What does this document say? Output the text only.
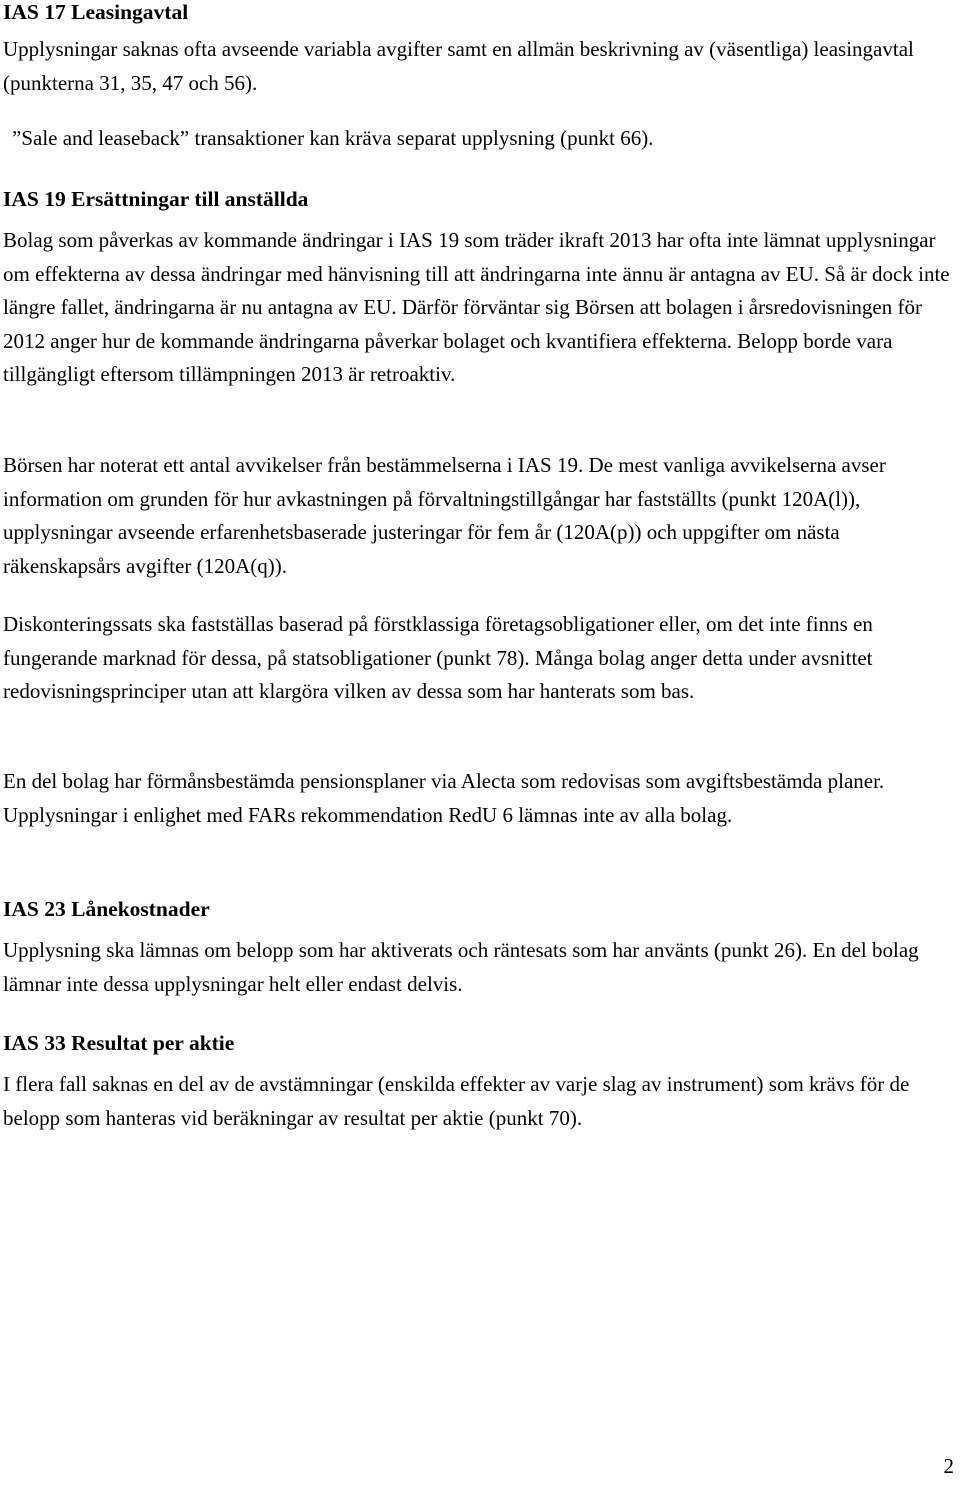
IAS 17 Leasingavtal

Upplysningar saknas ofta avseende variabla avgifter samt en allmän beskrivning av (väsentliga) leasingavtal (punkterna 31, 35, 47 och 56).

”Sale and leaseback” transaktioner kan kräva separat upplysning (punkt 66).

IAS 19 Ersättningar till anställda

Bolag som påverkas av kommande ändringar i IAS 19 som träder ikraft 2013 har ofta inte lämnat upplysningar om effekterna av dessa ändringar med hänvisning till att ändringarna inte ännu är antagna av EU. Så är dock inte längre fallet, ändringarna är nu antagna av EU. Därför förväntar sig Börsen att bolagen i årsredovisningen för 2012 anger hur de kommande ändringarna påverkar bolaget och kvantifiera effekterna. Belopp borde vara tillgängligt eftersom tillämpningen 2013 är retroaktiv.

Börsen har noterat ett antal avvikelser från bestämmelserna i IAS 19. De mest vanliga avvikelserna avser information om grunden för hur avkastningen på förvaltningstillgångar har fastställts (punkt 120A(l)), upplysningar avseende erfarenhetsbaserade justeringar för fem år (120A(p)) och uppgifter om nästa räkenskapsårs avgifter (120A(q)).

Diskonteringssats ska fastställas baserad på förstklassiga företagsobligationer eller, om det inte finns en fungerande marknad för dessa, på statsobligationer (punkt 78). Många bolag anger detta under avsnittet redovisningsprinciper utan att klargöra vilken av dessa som har hanterats som bas.

En del bolag har förmånsbestämda pensionsplaner via Alecta som redovisas som avgiftsbestämda planer. Upplysningar i enlighet med FARs rekommendation RedU 6 lämnas inte av alla bolag.

IAS 23 Lånekostnader

Upplysning ska lämnas om belopp som har aktiverats och räntesats som har använts (punkt 26). En del bolag lämnar inte dessa upplysningar helt eller endast delvis.

IAS 33 Resultat per aktie

I flera fall saknas en del av de avstämningar (enskilda effekter av varje slag av instrument) som krävs för de belopp som hanteras vid beräkningar av resultat per aktie (punkt 70).

2
